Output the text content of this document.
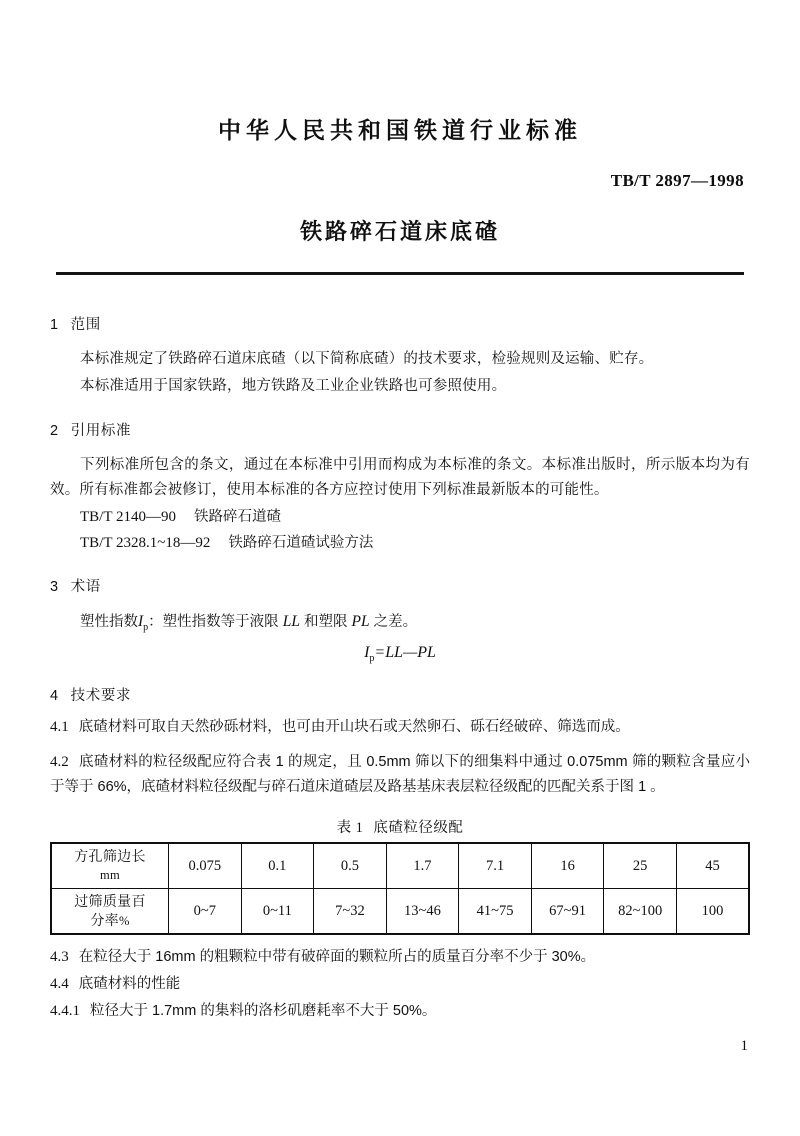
中华人民共和国铁道行业标准
TB/T 2897—1998
铁路碎石道床底碴
1 范围

本标准规定了铁路碎石道床底碴（以下简称底碴）的技术要求，检验规则及运输、贮存。

本标准适用于国家铁路，地方铁路及工业企业铁路也可参照使用。

2 引用标准

下列标准所包含的条文，通过在本标准中引用而构成为本标准的条文。本标准出版时，所示版本均为有效。所有标准都会被修订，使用本标准的各方应控讨使用下列标准最新版本的可能性。

TB/T 2140—90 铁路碎石道碴

TB/T 2328.1~18—92 铁路碎石道碴试验方法

3 术语

塑性指数$I_p$：塑性指数等于液限 LL 和塑限 PL 之差。

$I_p=LL—PL$

4 技术要求

4.1 底碴材料可取自天然砂砾材料，也可由开山块石或天然卵石、砾石经破碎、筛选而成。

4.2 底碴材料的粒径级配应符合表 1 的规定，且 0.5mm 筛以下的细集料中通过 0.075mm 筛的颗粒含量应小于等于 66%，底碴材料粒径级配与碎石道床道碴层及路基基床表层粒径级配的匹配关系于图 1 。

表 1 底碴粒径级配
方孔筛边长
mm	0.075	0.1	0.5	1.7	7.1	16	25	45

过筛质量百
分率%	0~7	0~11	7~32	13~46	41~75	67~91	82~100	100

4.3 在粒径大于 16mm 的粗颗粒中带有破碎面的颗粒所占的质量百分率不少于 30%。

4.4 底碴材料的性能

4.4.1 粒径大于 1.7mm 的集料的洛杉矶磨耗率不大于 50%。

1
